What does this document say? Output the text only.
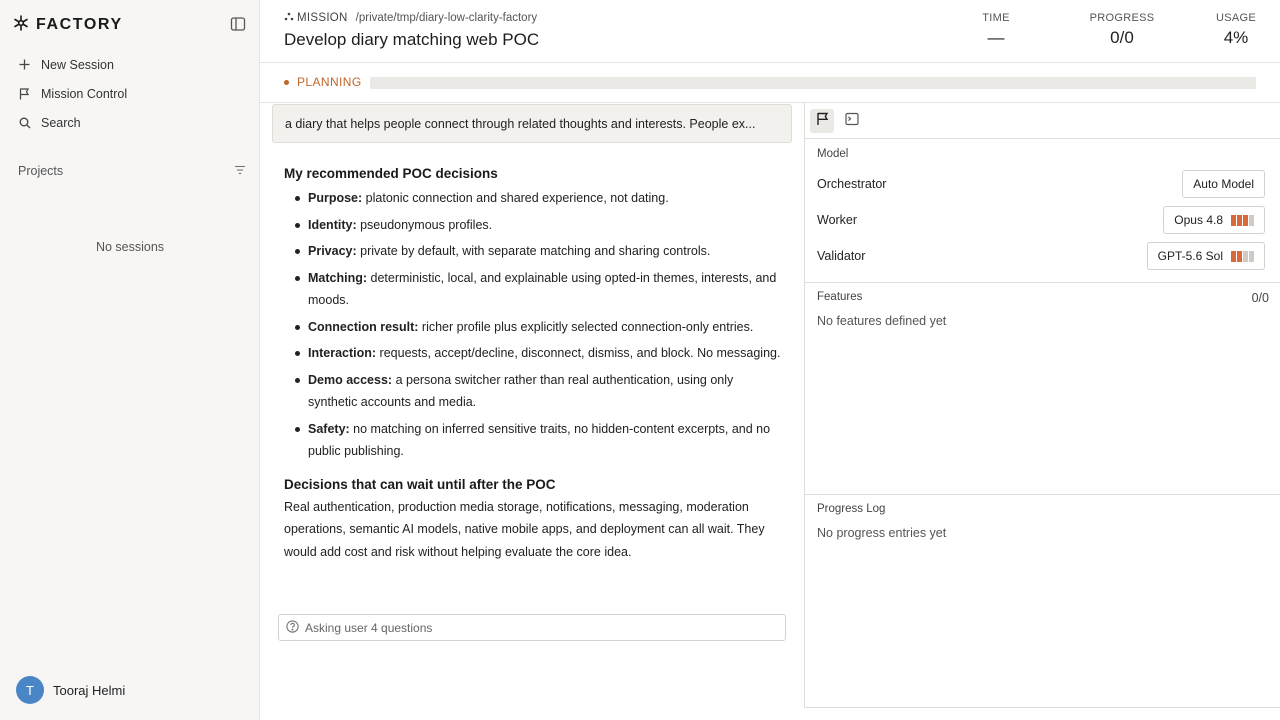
FACTORY
New Session
Mission Control
Search
Projects
No sessions
T	Tooraj Helmi
MISSION /private/tmp/diary-low-clarity-factory
Develop diary matching web POC
TIME
—
PROGRESS
0/0
USAGE
4%
PLANNING
a diary that helps people connect through related thoughts and interests. People ex...
My recommended POC decisions
Purpose: platonic connection and shared experience, not dating.
Identity: pseudonymous profiles.
Privacy: private by default, with separate matching and sharing controls.
Matching: deterministic, local, and explainable using opted-in themes, interests, and moods.
Connection result: richer profile plus explicitly selected connection-only entries.
Interaction: requests, accept/decline, disconnect, dismiss, and block. No messaging.
Demo access: a persona switcher rather than real authentication, using only synthetic accounts and media.
Safety: no matching on inferred sensitive traits, no hidden-content excerpts, and no public publishing.
Decisions that can wait until after the POC

Real authentication, production media storage, notifications, messaging, moderation operations, semantic AI models, native mobile apps, and deployment can all wait. They would add cost and risk without helping evaluate the core idea.

Asking user 4 questions
Model
Orchestrator	Auto Model
Worker	Opus 4.8
Validator	GPT-5.6 Sol
Features	0/0
No features defined yet
Progress Log
No progress entries yet
